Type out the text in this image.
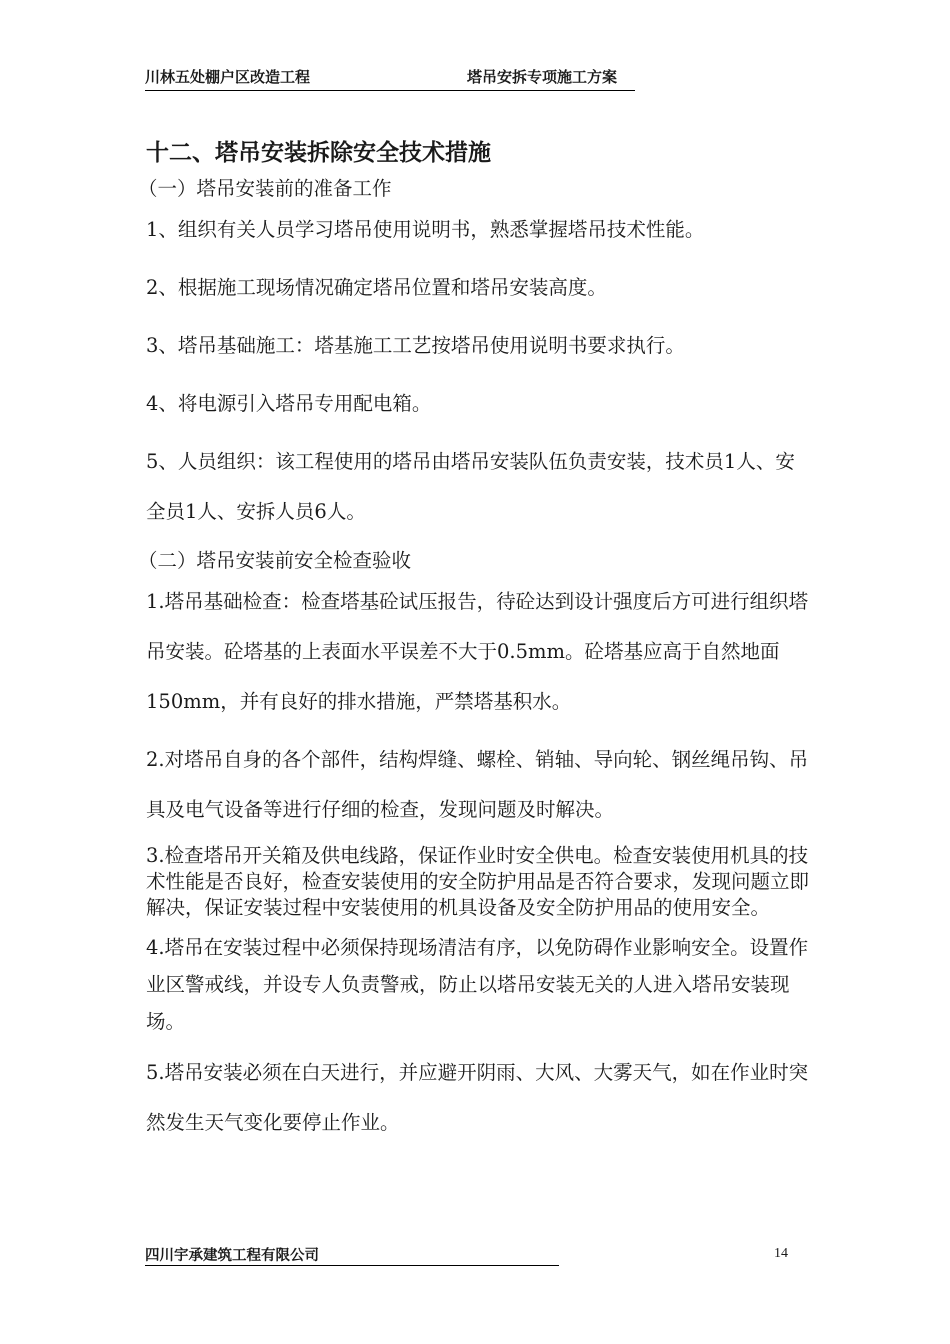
川林五处棚户区改造工程	塔吊安拆专项施工方案
十二、塔吊安装拆除安全技术措施
（一）塔吊安装前的准备工作
1、组织有关人员学习塔吊使用说明书，熟悉掌握塔吊技术性能。
2、根据施工现场情况确定塔吊位置和塔吊安装高度。
3、塔吊基础施工：塔基施工工艺按塔吊使用说明书要求执行。
4、将电源引入塔吊专用配电箱。
5、人员组织：该工程使用的塔吊由塔吊安装队伍负责安装，技术员1人、安全员1人、安拆人员6人。
（二）塔吊安装前安全检查验收
1.塔吊基础检查：检查塔基砼试压报告，待砼达到设计强度后方可进行组织塔吊安装。砼塔基的上表面水平误差不大于0.5mm。砼塔基应高于自然地面150mm，并有良好的排水措施，严禁塔基积水。
2.对塔吊自身的各个部件，结构焊缝、螺栓、销轴、导向轮、钢丝绳吊钩、吊具及电气设备等进行仔细的检查，发现问题及时解决。
3.检查塔吊开关箱及供电线路，保证作业时安全供电。检查安装使用机具的技术性能是否良好，检查安装使用的安全防护用品是否符合要求，发现问题立即解决，保证安装过程中安装使用的机具设备及安全防护用品的使用安全。
4.塔吊在安装过程中必须保持现场清洁有序，以免防碍作业影响安全。设置作业区警戒线，并设专人负责警戒，防止以塔吊安装无关的人进入塔吊安装现场。
5.塔吊安装必须在白天进行，并应避开阴雨、大风、大雾天气，如在作业时突然发生天气变化要停止作业。
四川宇承建筑工程有限公司	14
